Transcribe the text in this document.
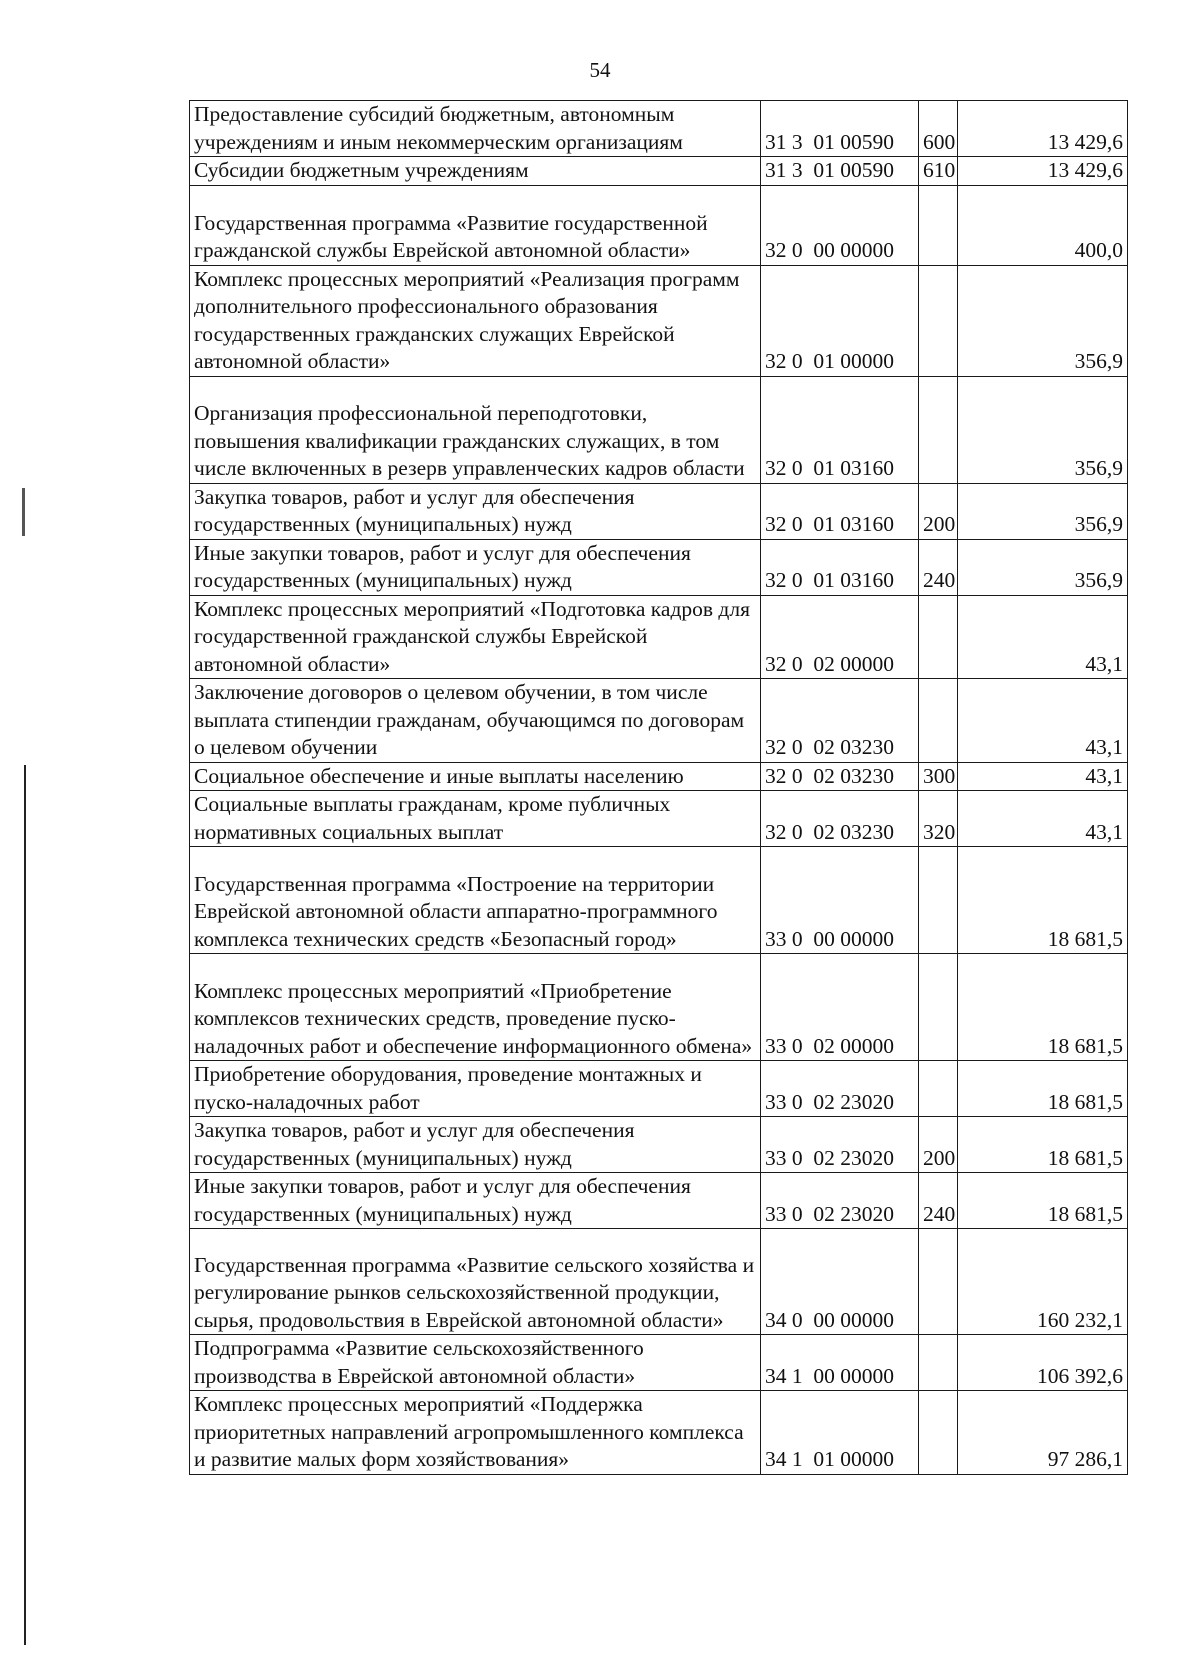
54
Предоставление субсидий бюджетным, автономным учреждениям и иным некоммерческим организациям	31 3  01 00590	600	13 429,6
Субсидии бюджетным учреждениям	31 3  01 00590	610	13 429,6
Государственная программа «Развитие государственной гражданской службы Еврейской автономной области»	32 0  00 00000		400,0
Комплекс процессных мероприятий «Реализация программ дополнительного профессионального образования государственных гражданских служащих Еврейской автономной области»	32 0  01 00000		356,9
Организация профессиональной переподготовки, повышения квалификации гражданских служащих, в том числе включенных в резерв управленческих кадров области	32 0  01 03160		356,9
Закупка товаров, работ и услуг для обеспечения государственных (муниципальных) нужд	32 0  01 03160	200	356,9
Иные закупки товаров, работ и услуг для обеспечения государственных (муниципальных) нужд	32 0  01 03160	240	356,9
Комплекс процессных мероприятий «Подготовка кадров для государственной гражданской службы Еврейской автономной области»	32 0  02 00000		43,1
Заключение договоров о целевом обучении, в том числе выплата стипендии гражданам, обучающимся по договорам о целевом обучении	32 0  02 03230		43,1
Социальное обеспечение и иные выплаты населению	32 0  02 03230	300	43,1
Социальные выплаты гражданам, кроме публичных нормативных социальных выплат	32 0  02 03230	320	43,1
Государственная программа «Построение на территории Еврейской автономной области аппаратно-программного комплекса технических средств «Безопасный город»	33 0  00 00000		18 681,5
Комплекс процессных мероприятий «Приобретение комплексов технических средств, проведение пуско-наладочных работ и обеспечение информационного обмена»	33 0  02 00000		18 681,5
Приобретение оборудования, проведение монтажных и пуско-наладочных работ	33 0  02 23020		18 681,5
Закупка товаров, работ и услуг для обеспечения государственных (муниципальных) нужд	33 0  02 23020	200	18 681,5
Иные закупки товаров, работ и услуг для обеспечения государственных (муниципальных) нужд	33 0  02 23020	240	18 681,5
Государственная программа «Развитие сельского хозяйства и регулирование рынков сельскохозяйственной продукции, сырья, продовольствия в Еврейской автономной области»	34 0  00 00000		160 232,1
Подпрограмма «Развитие сельскохозяйственного производства в Еврейской автономной области»	34 1  00 00000		106 392,6
Комплекс процессных мероприятий «Поддержка приоритетных направлений агропромышленного комплекса и развитие малых форм хозяйствования»	34 1  01 00000		97 286,1
